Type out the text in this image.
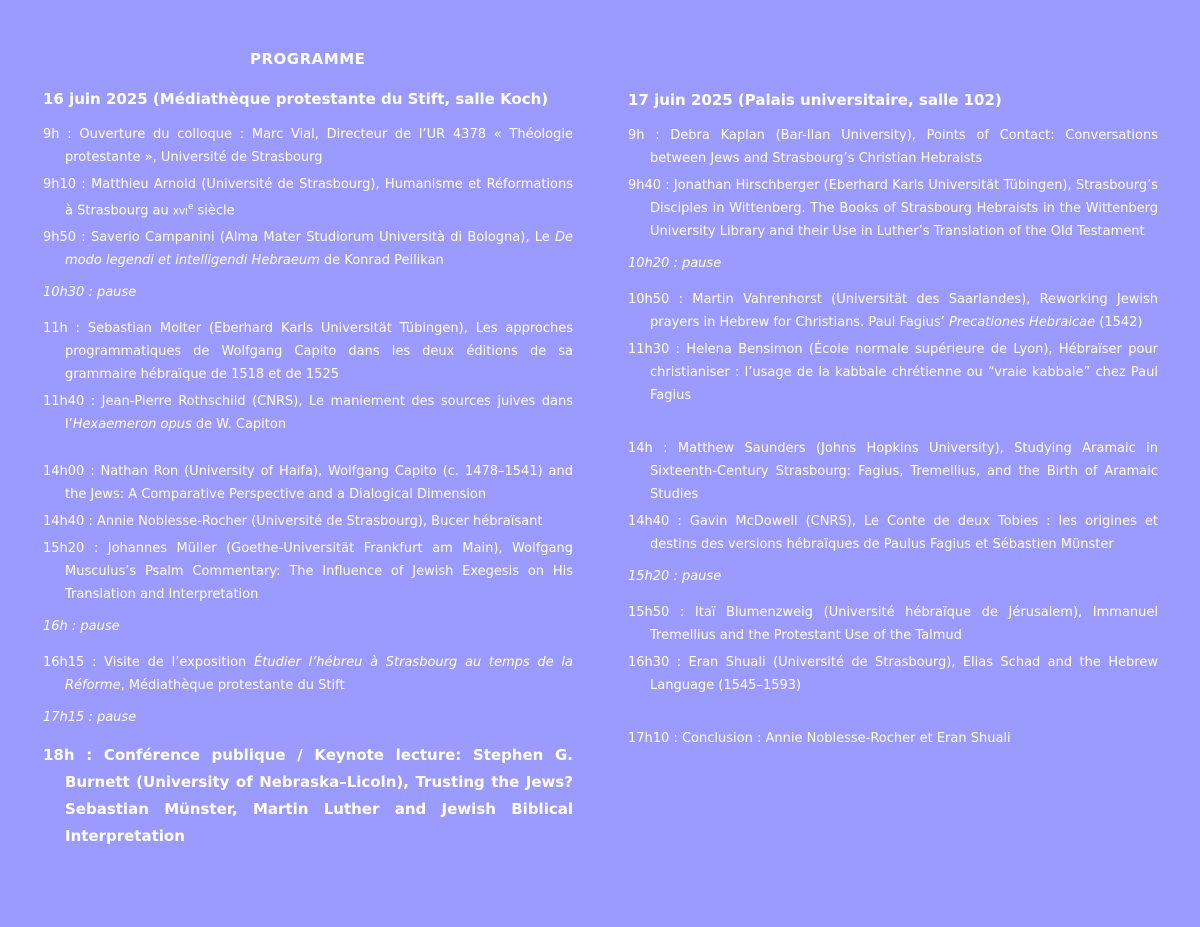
PROGRAMME
16 juin 2025 (Médiathèque protestante du Stift, salle Koch)
9h : Ouverture du colloque : Marc Vial, Directeur de l’UR 4378 « Théologie protestante », Université de Strasbourg
9h10 : Matthieu Arnold (Université de Strasbourg), Humanisme et Réformations à Strasbourg au xvi$^e$ siècle
9h50 : Saverio Campanini (Alma Mater Studiorum Università di Bologna), Le De modo legendi et intelligendi Hebraeum de Konrad Pellikan
10h30 : pause
11h : Sebastian Molter (Eberhard Karls Universität Tübingen), Les approches programmatiques de Wolfgang Capito dans les deux éditions de sa grammaire hébraïque de 1518 et de 1525
11h40 : Jean-Pierre Rothschild (CNRS), Le maniement des sources juives dans l’Hexaemeron opus de W. Capiton
14h00 : Nathan Ron (University of Haifa), Wolfgang Capito (c. 1478–1541) and the Jews: A Comparative Perspective and a Dialogical Dimension
14h40 : Annie Noblesse-Rocher (Université de Strasbourg), Bucer hébraïsant
15h20 : Johannes Müller (Goethe-Universität Frankfurt am Main), Wolfgang Musculus’s Psalm Commentary: The Influence of Jewish Exegesis on His Translation and Interpretation
16h : pause
16h15 : Visite de l’exposition Étudier l’hébreu à Strasbourg au temps de la Réforme, Médiathèque protestante du Stift
17h15 : pause
18h : Conférence publique / Keynote lecture: Stephen G. Burnett (University of Nebraska–Licoln), Trusting the Jews? Sebastian Münster, Martin Luther and Jewish Biblical Interpretation
17 juin 2025 (Palais universitaire, salle 102)
9h : Debra Kaplan (Bar-Ilan University), Points of Contact: Conversations between Jews and Strasbourg’s Christian Hebraists
9h40 : Jonathan Hirschberger (Eberhard Karls Universität Tübingen), Strasbourg’s Disciples in Wittenberg. The Books of Strasbourg Hebraists in the Wittenberg University Library and their Use in Luther’s Translation of the Old Testament
10h20 : pause
10h50 : Martin Vahrenhorst (Universität des Saarlandes), Reworking Jewish prayers in Hebrew for Christians. Paul Fagius’ Precationes Hebraicae (1542)
11h30 : Helena Bensimon (École normale supérieure de Lyon), Hébraïser pour christianiser : l’usage de la kabbale chrétienne ou “vraie kabbale” chez Paul Fagius
14h : Matthew Saunders (Johns Hopkins University), Studying Aramaic in Sixteenth-Century Strasbourg: Fagius, Tremellius, and the Birth of Aramaic Studies
14h40 : Gavin McDowell (CNRS), Le Conte de deux Tobies : les origines et destins des versions hébraïques de Paulus Fagius et Sébastien Münster
15h20 : pause
15h50 : Itaï Blumenzweig (Université hébraïque de Jérusalem), Immanuel Tremellius and the Protestant Use of the Talmud
16h30 : Eran Shuali (Université de Strasbourg), Elias Schad and the Hebrew Language (1545–1593)
17h10 : Conclusion : Annie Noblesse-Rocher et Eran Shuali
